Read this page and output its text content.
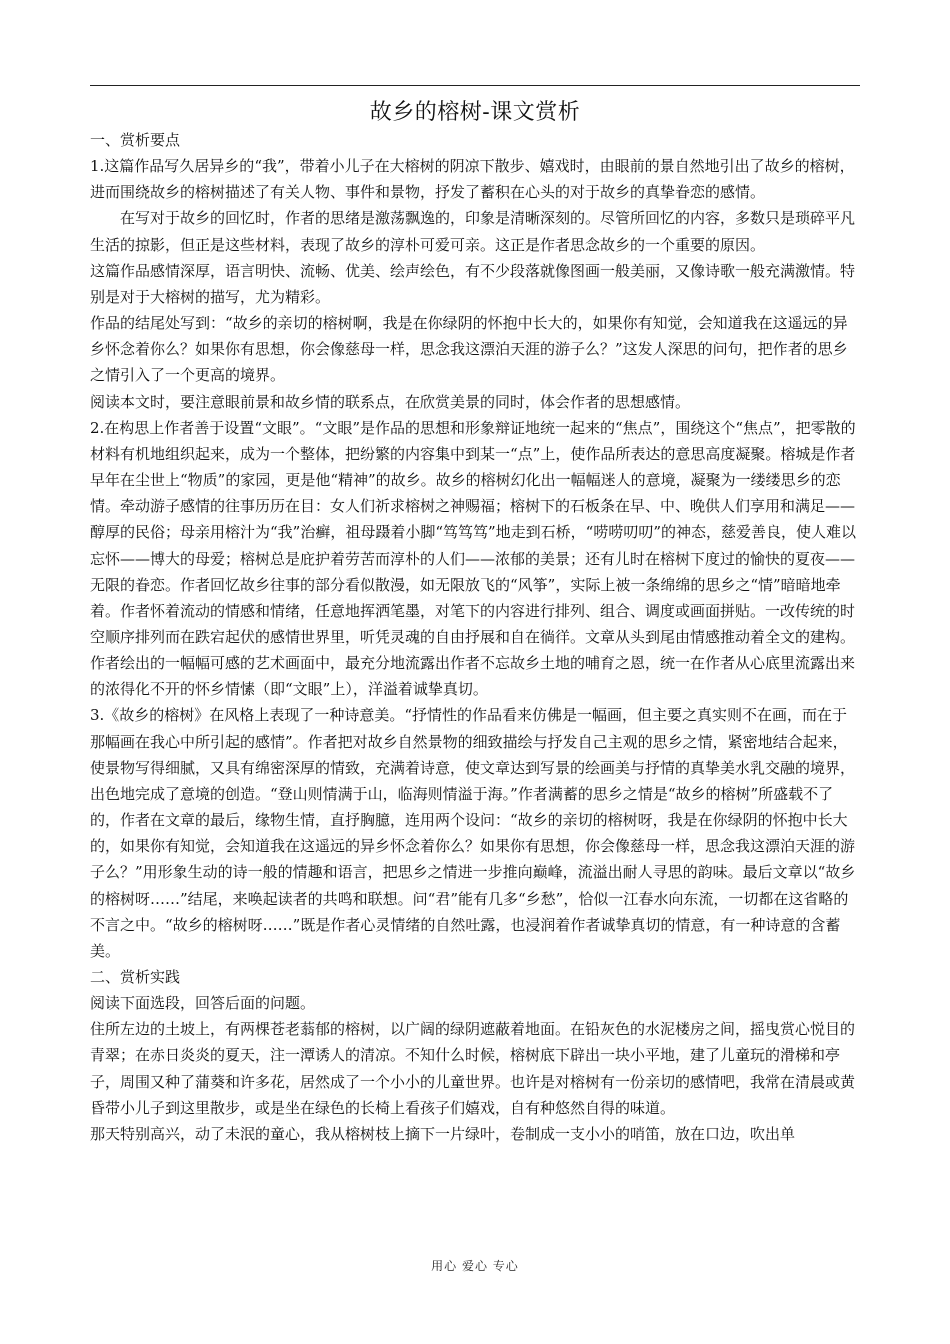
故乡的榕树-课文赏析

一、赏析要点

1.这篇作品写久居异乡的“我”，带着小儿子在大榕树的阴凉下散步、嬉戏时，由眼前的景自然地引出了故乡的榕树，进而围绕故乡的榕树描述了有关人物、事件和景物，抒发了蓄积在心头的对于故乡的真挚眷恋的感情。

在写对于故乡的回忆时，作者的思绪是激荡飘逸的，印象是清晰深刻的。尽管所回忆的内容，多数只是琐碎平凡生活的掠影，但正是这些材料，表现了故乡的淳朴可爱可亲。这正是作者思念故乡的一个重要的原因。

这篇作品感情深厚，语言明快、流畅、优美、绘声绘色，有不少段落就像图画一般美丽，又像诗歌一般充满激情。特别是对于大榕树的描写，尤为精彩。

作品的结尾处写到：“故乡的亲切的榕树啊，我是在你绿阴的怀抱中长大的，如果你有知觉，会知道我在这遥远的异乡怀念着你么？如果你有思想，你会像慈母一样，思念我这漂泊天涯的游子么？”这发人深思的问句，把作者的思乡之情引入了一个更高的境界。

阅读本文时，要注意眼前景和故乡情的联系点，在欣赏美景的同时，体会作者的思想感情。

2.在构思上作者善于设置“文眼”。“文眼”是作品的思想和形象辩证地统一起来的“焦点”，围绕这个“焦点”，把零散的材料有机地组织起来，成为一个整体，把纷繁的内容集中到某一“点”上，使作品所表达的意思高度凝聚。榕城是作者早年在尘世上“物质”的家园，更是他“精神”的故乡。故乡的榕树幻化出一幅幅迷人的意境，凝聚为一缕缕思乡的恋情。牵动游子感情的往事历历在目：女人们祈求榕树之神赐福；榕树下的石板条在早、中、晚供人们享用和满足——醇厚的民俗；母亲用榕汁为“我”治癣，祖母蹑着小脚“笃笃笃”地走到石桥，“唠唠叨叨”的神态，慈爱善良，使人难以忘怀——博大的母爱；榕树总是庇护着劳苦而淳朴的人们——浓郁的美景；还有儿时在榕树下度过的愉快的夏夜——无限的眷恋。作者回忆故乡往事的部分看似散漫，如无限放飞的“风筝”，实际上被一条绵绵的思乡之“情”暗暗地牵着。作者怀着流动的情感和情绪，任意地挥洒笔墨，对笔下的内容进行排列、组合、调度或画面拼贴。一改传统的时空顺序排列而在跌宕起伏的感情世界里，听凭灵魂的自由抒展和自在徜徉。文章从头到尾由情感推动着全文的建构。作者绘出的一幅幅可感的艺术画面中，最充分地流露出作者不忘故乡土地的哺育之恩，统一在作者从心底里流露出来的浓得化不开的怀乡情愫（即“文眼”上），洋溢着诚挚真切。

3.《故乡的榕树》在风格上表现了一种诗意美。“抒情性的作品看来仿佛是一幅画，但主要之真实则不在画，而在于那幅画在我心中所引起的感情”。作者把对故乡自然景物的细致描绘与抒发自己主观的思乡之情，紧密地结合起来，使景物写得细腻，又具有绵密深厚的情致，充满着诗意，使文章达到写景的绘画美与抒情的真挚美水乳交融的境界，出色地完成了意境的创造。“登山则情满于山，临海则情溢于海。”作者满蓄的思乡之情是“故乡的榕树”所盛载不了的，作者在文章的最后，缘物生情，直抒胸臆，连用两个设问：“故乡的亲切的榕树呀，我是在你绿阴的怀抱中长大的，如果你有知觉，会知道我在这遥远的异乡怀念着你么？如果你有思想，你会像慈母一样，思念我这漂泊天涯的游子么？”用形象生动的诗一般的情趣和语言，把思乡之情进一步推向巅峰，流溢出耐人寻思的韵味。最后文章以“故乡的榕树呀……”结尾，来唤起读者的共鸣和联想。问“君”能有几多“乡愁”，恰似一江春水向东流，一切都在这省略的不言之中。“故乡的榕树呀……”既是作者心灵情绪的自然吐露，也浸润着作者诚挚真切的情意，有一种诗意的含蓄美。

二、赏析实践

阅读下面选段，回答后面的问题。

住所左边的土坡上，有两棵苍老蓊郁的榕树，以广阔的绿阴遮蔽着地面。在铅灰色的水泥楼房之间，摇曳赏心悦目的青翠；在赤日炎炎的夏天，注一潭诱人的清凉。不知什么时候，榕树底下辟出一块小平地，建了儿童玩的滑梯和亭子，周围又种了蒲葵和许多花，居然成了一个小小的儿童世界。也许是对榕树有一份亲切的感情吧，我常在清晨或黄昏带小儿子到这里散步，或是坐在绿色的长椅上看孩子们嬉戏，自有种悠然自得的味道。

那天特别高兴，动了未泯的童心，我从榕树枝上摘下一片绿叶，卷制成一支小小的哨笛，放在口边，吹出单

用心 爱心 专心
